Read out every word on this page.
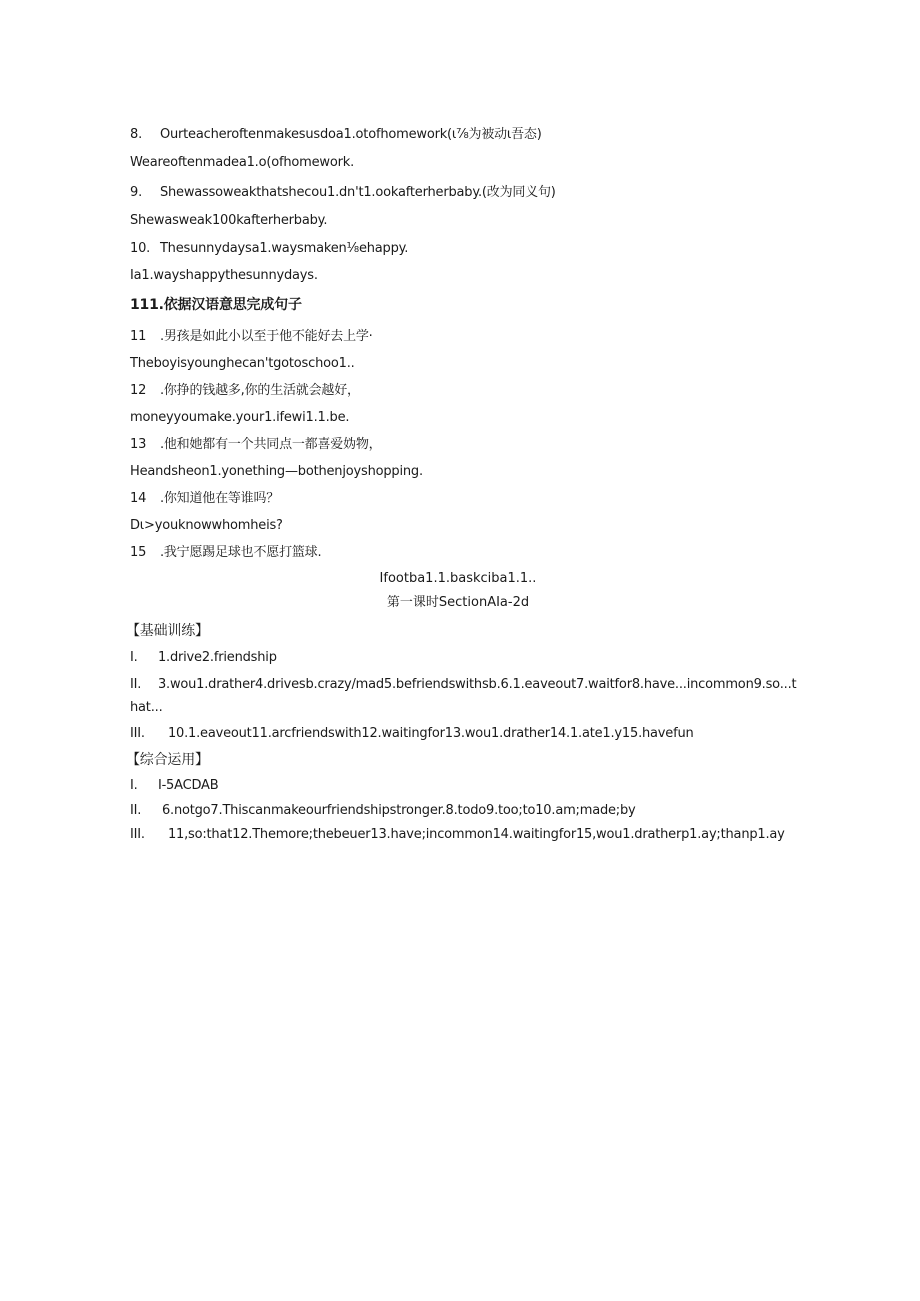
8. Ourteacheroftenmakesusdoa1.otofhomework(ι⅞为被动ι吾态)
Weareoftenmadea1.o(ofhomework.
9. Shewassoweakthatshecou1.dn't1.ookafterherbaby.(改为同义句)
Shewasweak100kafterherbaby.
10. Thesunnydaysa1.waysmaken⅛ehappy.
Ia1.wayshappythesunnydays.
111.依据汉语意思完成句子
11 .男孩是如此小以至于他不能好去上学·
Theboyisyounghecan'tgotoschoo1..
12 .你挣的钱越多,你的生活就会越好，
moneyyoumake.your1.ifewi1.1.be.
13 .他和她都有一个共同点一都喜爱妫物，
Heandsheon1.yonething—bothenjoyshopping.
14 .你知道他在等谁吗？
Dι>youknowwhomheis?
15 .我宁愿踢足球也不愿打篮球.
Ifootba1.1.baskciba1.1..
第一课时SectionAIa-2d
【基础训练】
I. 1.drive2.friendship
II. 3.wou1.drather4.drivesb.crazy/mad5.befriendswithsb.6.1.eaveout7.waitfor8.have...incommon9.so...t
hat...
III. 10.1.eaveout11.arcfriendswith12.waitingfor13.wou1.drather14.1.ate1.y15.havefun
【综合运用】
I. I-5ACDAB
II. 6.notgo7.Thiscanmakeourfriendshipstronger.8.todo9.too;to10.am;made;by
III. 11,so:that12.Themore;thebeuer13.have;incommon14.waitingfor15,wou1.dratherp1.ay;thanp1.ay
